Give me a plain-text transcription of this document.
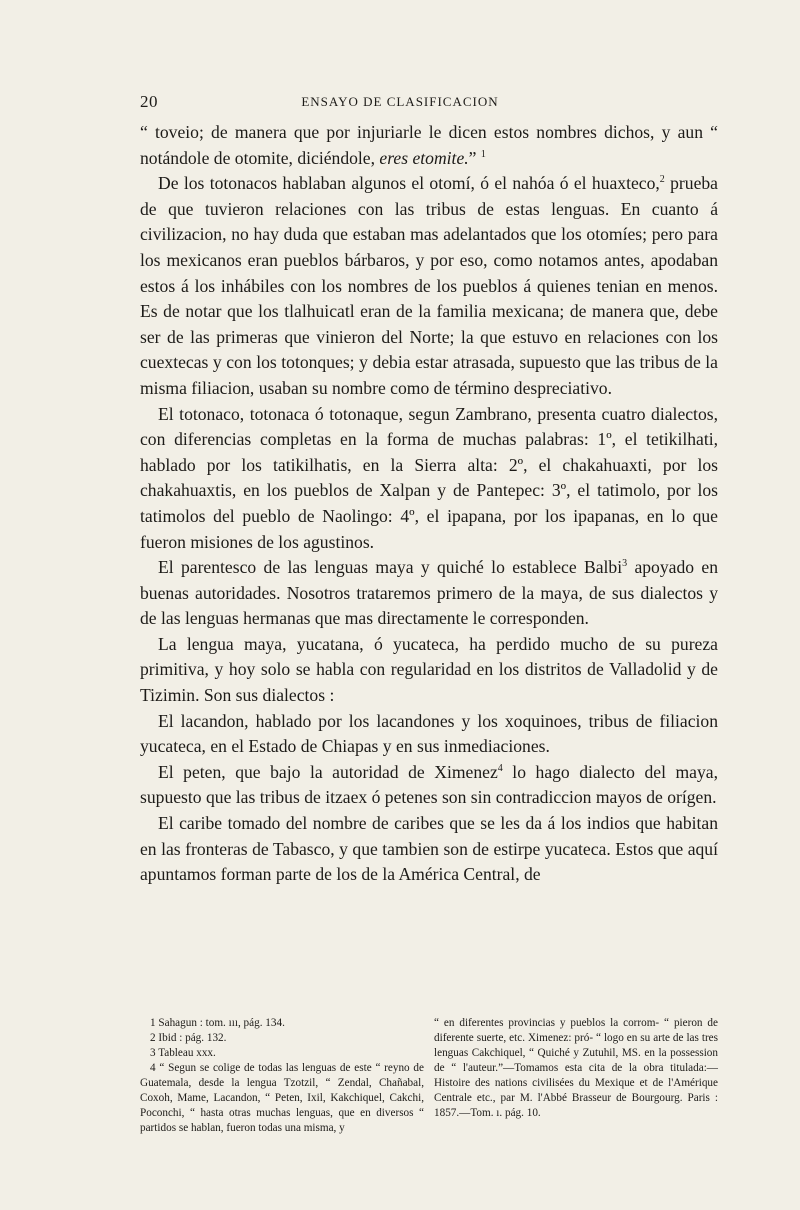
20	ENSAYO DE CLASIFICACION

“ toveio; de manera que por injuriarle le dicen estos nombres dichos, y aun “ notándole de otomite, diciéndole, eres etomite.” $^1$

De los totonacos hablaban algunos el otomí, ó el nahóa ó el huaxteco,$^2$ prueba de que tuvieron relaciones con las tribus de estas lenguas. En cuanto á civilizacion, no hay duda que estaban mas adelantados que los otomíes; pero para los mexicanos eran pueblos bárbaros, y por eso, como notamos antes, apodaban estos á los inhábiles con los nombres de los pueblos á quienes tenian en menos. Es de notar que los tlalhuicatl eran de la familia mexicana; de manera que, debe ser de las primeras que vinieron del Norte; la que estuvo en relaciones con los cuextecas y con los totonques; y debia estar atrasada, supuesto que las tribus de la misma filiacion, usaban su nombre como de término despreciativo.

El totonaco, totonaca ó totonaque, segun Zambrano, presenta cuatro dialectos, con diferencias completas en la forma de muchas palabras: 1º, el tetikilhati, hablado por los tatikilhatis, en la Sierra alta: 2º, el chakahuaxti, por los chakahuaxtis, en los pueblos de Xalpan y de Pantepec: 3º, el tatimolo, por los tatimolos del pueblo de Naolingo: 4º, el ipapana, por los ipapanas, en lo que fueron misiones de los agustinos.

El parentesco de las lenguas maya y quiché lo establece Balbi$^3$ apoyado en buenas autoridades. Nosotros trataremos primero de la maya, de sus dialectos y de las lenguas hermanas que mas directamente le corresponden.

La lengua maya, yucatana, ó yucateca, ha perdido mucho de su pureza primitiva, y hoy solo se habla con regularidad en los distritos de Valladolid y de Tizimin. Son sus dialectos :

El lacandon, hablado por los lacandones y los xoquinoes, tribus de filiacion yucateca, en el Estado de Chiapas y en sus inmediaciones.

El peten, que bajo la autoridad de Ximenez$^4$ lo hago dialecto del maya, supuesto que las tribus de itzaex ó petenes son sin contradiccion mayos de orígen.

El caribe tomado del nombre de caribes que se les da á los indios que habitan en las fronteras de Tabasco, y que tambien son de estirpe yucateca. Estos que aquí apuntamos forman parte de los de la América Central, de

1 Sahagun : tom. ııı, pág. 134.
2 Ibid : pág. 132.
3 Tableau xxx.
4 “ Segun se colige de todas las lenguas de este “ reyno de Guatemala, desde la lengua Tzotzil, “ Zendal, Chañabal, Coxoh, Mame, Lacandon, “ Peten, Ixil, Kakchiquel, Cakchi, Poconchi, “ hasta otras muchas lenguas, que en diversos “ partidos se hablan, fueron todas una misma, y
“ en diferentes provincias y pueblos la corrom- “ pieron de diferente suerte, etc. Ximenez: pró- “ logo en su arte de las tres lenguas Cakchiquel, “ Quiché y Zutuhil, MS. en la possession de “ l'auteur.”—Tomamos esta cita de la obra titulada:—Histoire des nations civilisées du Mexique et de l'Amérique Centrale etc., par M. l'Abbé Brasseur de Bourgourg. Paris : 1857.—Tom. ı. pág. 10.
